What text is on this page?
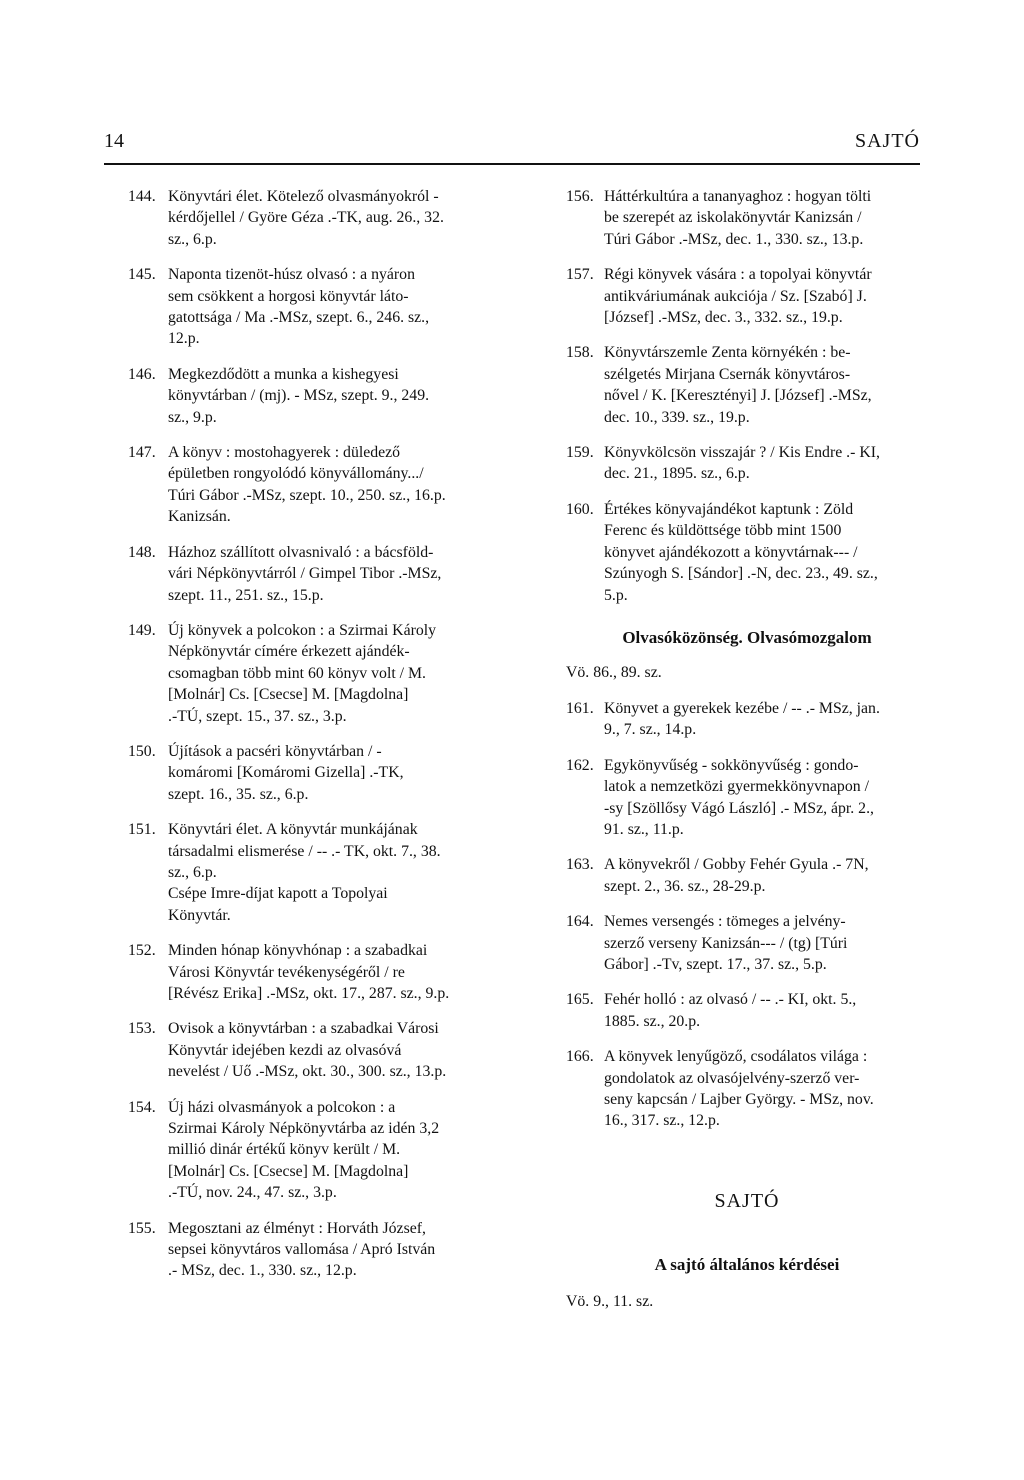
14	SAJTÓ
144. Könyvtári élet. Kötelező olvasmányokról -
kérdőjellel / Györe Géza .-TK, aug. 26., 32.
sz., 6.p.
145. Naponta tizenöt-húsz olvasó : a nyáron
sem csökkent a horgosi könyvtár láto-
gatottsága / Ma .-MSz, szept. 6., 246. sz.,
12.p.
146. Megkezdődött a munka a kishegyesi
könyvtárban / (mj). - MSz, szept. 9., 249.
sz., 9.p.
147. A könyv : mostohagyerek : düledező
épületben rongyolódó könyvállomány.../
Túri Gábor .-MSz, szept. 10., 250. sz., 16.p.
Kanizsán.
148. Házhoz szállított olvasnivaló : a bácsföld-
vári Népkönyvtárról / Gimpel Tibor .-MSz,
szept. 11., 251. sz., 15.p.
149. Új könyvek a polcokon : a Szirmai Károly
Népkönyvtár címére érkezett ajándék-
csomagban több mint 60 könyv volt / M.
[Molnár] Cs. [Csecse] M. [Magdolna]
.-TÚ, szept. 15., 37. sz., 3.p.
150. Újítások a pacséri könyvtárban / -
komáromi [Komáromi Gizella] .-TK,
szept. 16., 35. sz., 6.p.
151. Könyvtári élet. A könyvtár munkájának
társadalmi elismerése / -- .- TK, okt. 7., 38.
sz., 6.p.
Csépe Imre-díjat kapott a Topolyai
Könyvtár.
152. Minden hónap könyvhónap : a szabadkai
Városi Könyvtár tevékenységéről / re
[Révész Erika] .-MSz, okt. 17., 287. sz., 9.p.
153. Ovisok a könyvtárban : a szabadkai Városi
Könyvtár idejében kezdi az olvasóvá
nevelést / Uő .-MSz, okt. 30., 300. sz., 13.p.
154. Új házi olvasmányok a polcokon : a
Szirmai Károly Népkönyvtárba az idén 3,2
millió dinár értékű könyv került / M.
[Molnár] Cs. [Csecse] M. [Magdolna]
.-TÚ, nov. 24., 47. sz., 3.p.
155. Megosztani az élményt : Horváth József,
sepsei könyvtáros vallomása / Apró István
.- MSz, dec. 1., 330. sz., 12.p.
156. Háttérkultúra a tananyaghoz : hogyan tölti
be szerepét az iskolakönyvtár Kanizsán /
Túri Gábor .-MSz, dec. 1., 330. sz., 13.p.
157. Régi könyvek vására : a topolyai könyvtár
antikváriumának aukciója / Sz. [Szabó] J.
[József] .-MSz, dec. 3., 332. sz., 19.p.
158. Könyvtárszemle Zenta környékén : be-
szélgetés Mirjana Csernák könyvtáros-
nővel / K. [Keresztényi] J. [József] .-MSz,
dec. 10., 339. sz., 19.p.
159. Könyvkölcsön visszajár ? / Kis Endre .- KI,
dec. 21., 1895. sz., 6.p.
160. Értékes könyvajándékot kaptunk : Zöld
Ferenc és küldöttsége több mint 1500
könyvet ajándékozott a könyvtárnak--- /
Szúnyogh S. [Sándor] .-N, dec. 23., 49. sz.,
5.p.
Olvasóközönség. Olvasómozgalom
Vö. 86., 89. sz.
161. Könyvet a gyerekek kezébe / -- .- MSz, jan.
9., 7. sz., 14.p.
162. Egykönyvűség - sokkönyvűség : gondo-
latok a nemzetközi gyermekkönyvnapon /
-sy [Szöllősy Vágó László] .- MSz, ápr. 2.,
91. sz., 11.p.
163. A könyvekről / Gobby Fehér Gyula .- 7N,
szept. 2., 36. sz., 28-29.p.
164. Nemes versengés : tömeges a jelvény-
szerző verseny Kanizsán--- / (tg) [Túri
Gábor] .-Tv, szept. 17., 37. sz., 5.p.
165. Fehér holló : az olvasó / -- .- KI, okt. 5.,
1885. sz., 20.p.
166. A könyvek lenyűgöző, csodálatos világa :
gondolatok az olvasójelvény-szerző ver-
seny kapcsán / Lajber György. - MSz, nov.
16., 317. sz., 12.p.
SAJTÓ
A sajtó általános kérdései
Vö. 9., 11. sz.
